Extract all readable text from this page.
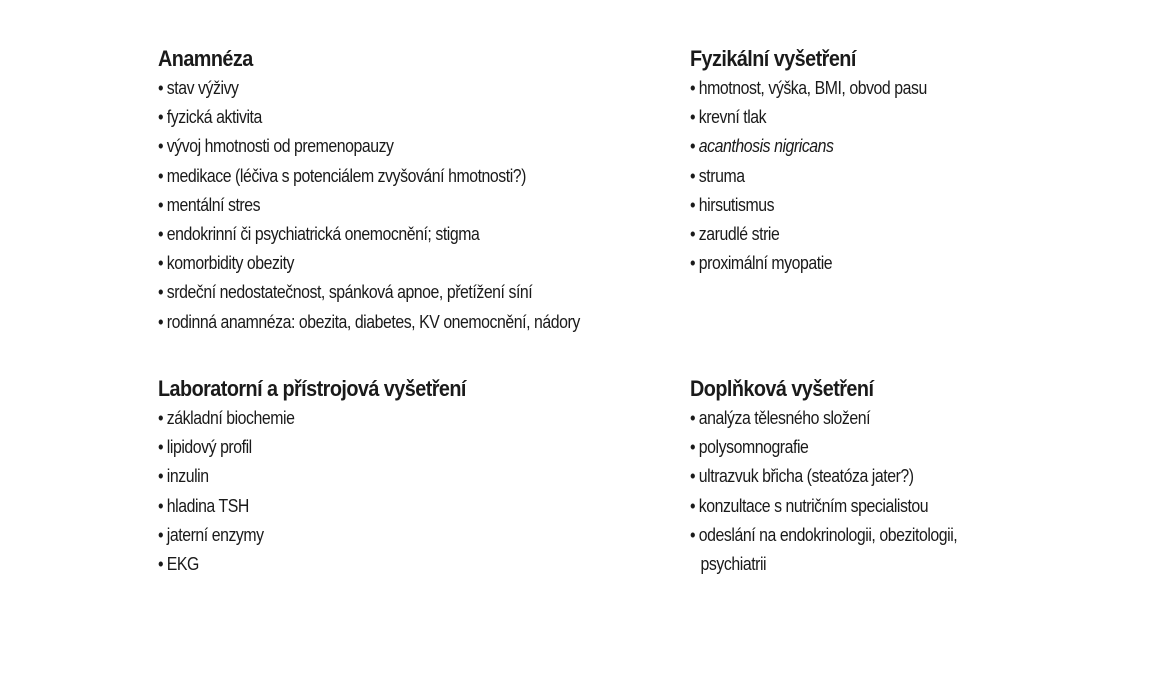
Anamnéza
• stav výživy
• fyzická aktivita
• vývoj hmotnosti od premenopauzy
• medikace (léčiva s potenciálem zvyšování hmotnosti?)
• mentální stres
• endokrinní či psychiatrická onemocnění; stigma
• komorbidity obezity
• srdeční nedostatečnost, spánková apnoe, přetížení síní
• rodinná anamnéza: obezita, diabetes, KV onemocnění, nádory
Fyzikální vyšetření
• hmotnost, výška, BMI, obvod pasu
• krevní tlak
• acanthosis nigricans
• struma
• hirsutismus
• zarudlé strie
• proximální myopatie
Laboratorní a přístrojová vyšetření
• základní biochemie
• lipidový profil
• inzulin
• hladina TSH
• jaterní enzymy
• EKG
Doplňková vyšetření
• analýza tělesného složení
• polysomnografie
• ultrazvuk břicha (steatóza jater?)
• konzultace s nutričním specialistou
• odeslání na endokrinologii, obezitologii,
psychiatrii
